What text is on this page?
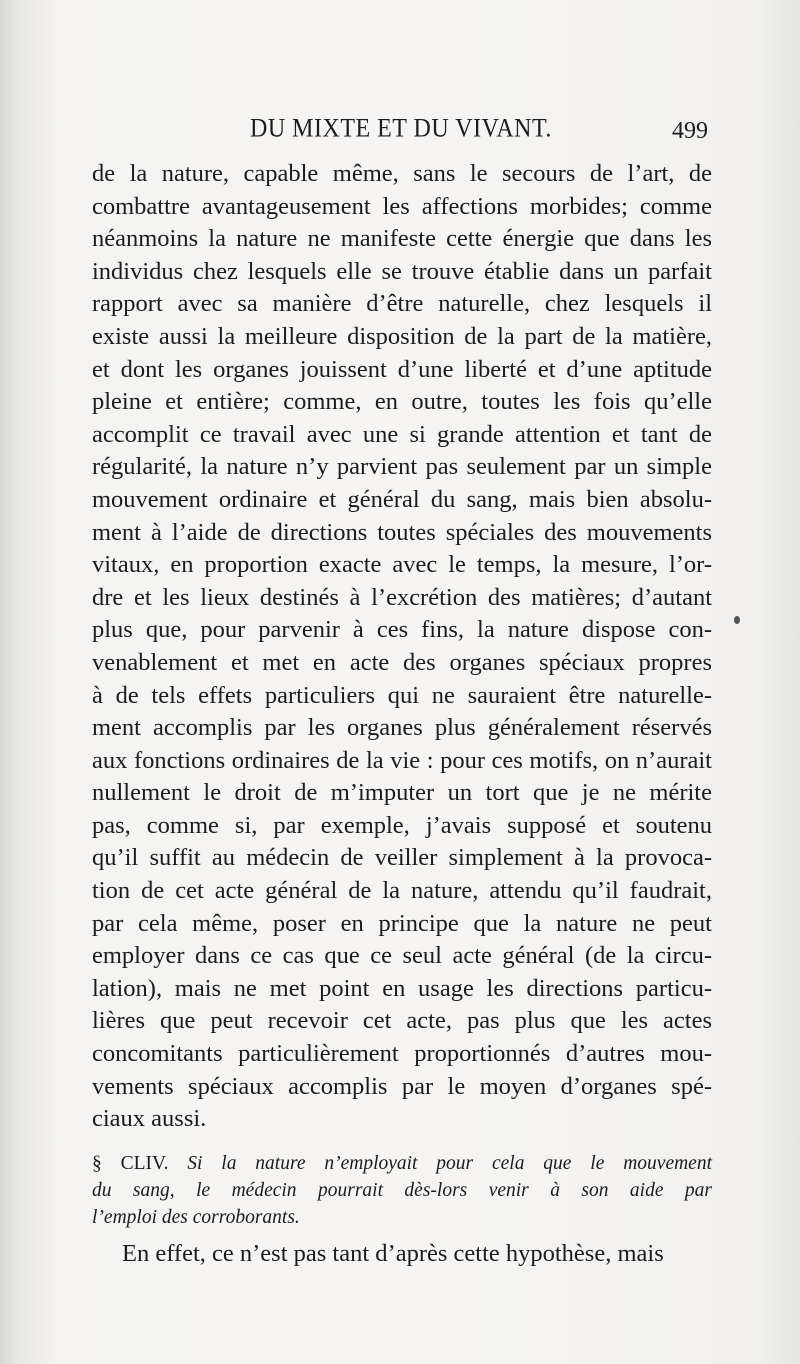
DU MIXTE ET DU VIVANT.	499
de la nature, capable même, sans le secours de l’art, de
combattre avantageusement les affections morbides; comme
néanmoins la nature ne manifeste cette énergie que dans les
individus chez lesquels elle se trouve établie dans un parfait
rapport avec sa manière d’être naturelle, chez lesquels il
existe aussi la meilleure disposition de la part de la matière,
et dont les organes jouissent d’une liberté et d’une aptitude
pleine et entière; comme, en outre, toutes les fois qu’elle
accomplit ce travail avec une si grande attention et tant de
régularité, la nature n’y parvient pas seulement par un simple
mouvement ordinaire et général du sang, mais bien absolu-
ment à l’aide de directions toutes spéciales des mouvements
vitaux, en proportion exacte avec le temps, la mesure, l’or-
dre et les lieux destinés à l’excrétion des matières; d’autant
plus que, pour parvenir à ces fins, la nature dispose con-
venablement et met en acte des organes spéciaux propres
à de tels effets particuliers qui ne sauraient être naturelle-
ment accomplis par les organes plus généralement réservés
aux fonctions ordinaires de la vie : pour ces motifs, on n’aurait
nullement le droit de m’imputer un tort que je ne mérite
pas, comme si, par exemple, j’avais supposé et soutenu
qu’il suffit au médecin de veiller simplement à la provoca-
tion de cet acte général de la nature, attendu qu’il faudrait,
par cela même, poser en principe que la nature ne peut
employer dans ce cas que ce seul acte général (de la circu-
lation), mais ne met point en usage les directions particu-
lières que peut recevoir cet acte, pas plus que les actes
concomitants particulièrement proportionnés d’autres mou-
vements spéciaux accomplis par le moyen d’organes spé-
ciaux aussi.
§ CLIV. Si la nature n’employait pour cela que le mouvement
du sang, le médecin pourrait dès-lors venir à son aide par
l’emploi des corroborants.
En effet, ce n’est pas tant d’après cette hypothèse, mais
